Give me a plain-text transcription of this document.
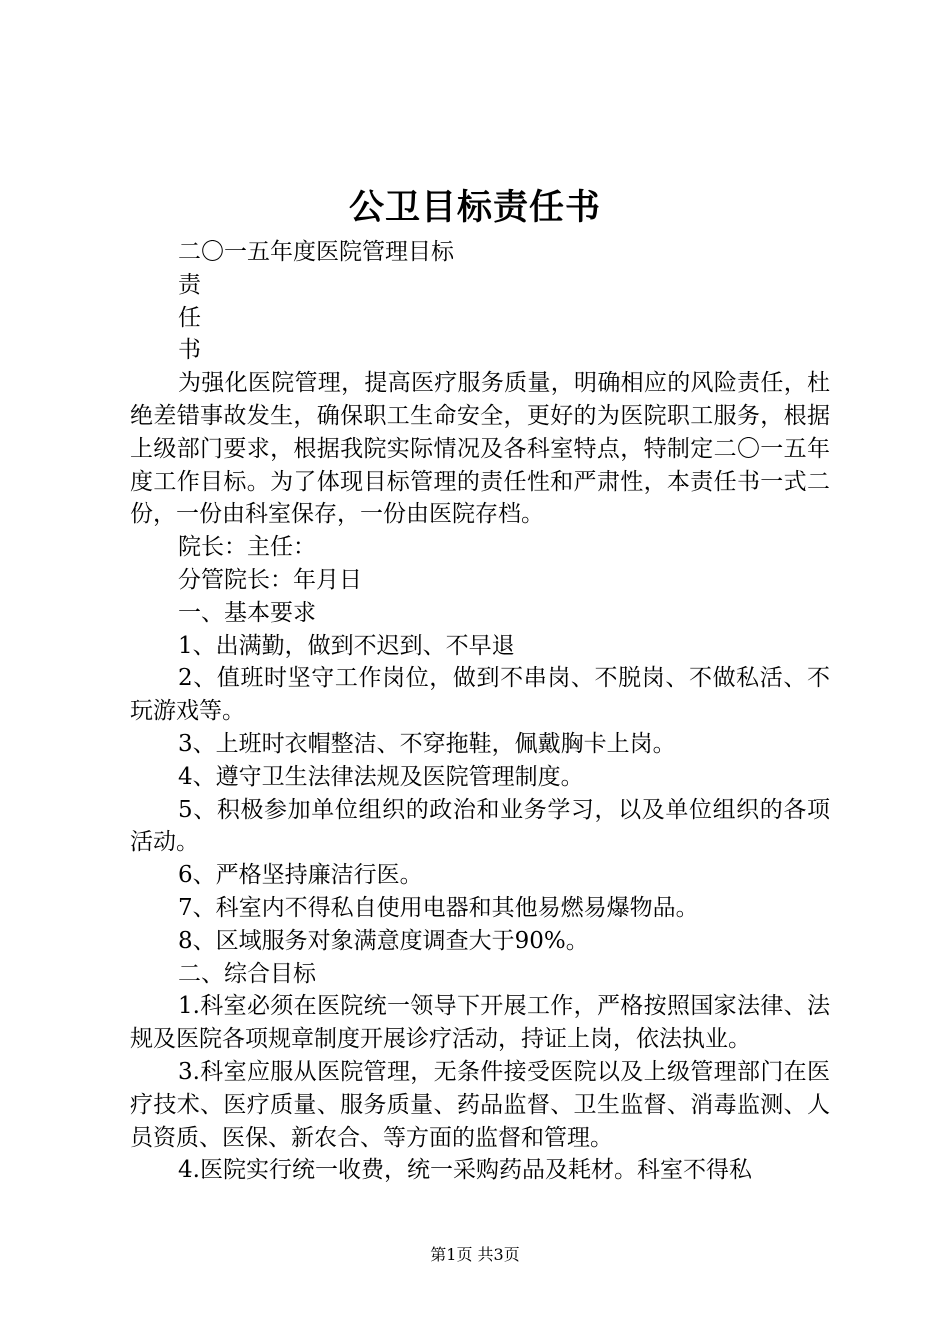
公卫目标责任书

二〇一五年度医院管理目标

责

任

书

为强化医院管理，提高医疗服务质量，明确相应的风险责任，杜绝差错事故发生，确保职工生命安全，更好的为医院职工服务，根据上级部门要求，根据我院实际情况及各科室特点，特制定二〇一五年度工作目标。为了体现目标管理的责任性和严肃性，本责任书一式二份，一份由科室保存，一份由医院存档。

院长：主任：

分管院长：年月日

一、基本要求

1、出满勤，做到不迟到、不早退

2、值班时坚守工作岗位，做到不串岗、不脱岗、不做私活、不玩游戏等。

3、上班时衣帽整洁、不穿拖鞋，佩戴胸卡上岗。

4、遵守卫生法律法规及医院管理制度。

5、积极参加单位组织的政治和业务学习，以及单位组织的各项活动。

6、严格坚持廉洁行医。

7、科室内不得私自使用电器和其他易燃易爆物品。

8、区域服务对象满意度调查大于90%。

二、综合目标

1.科室必须在医院统一领导下开展工作，严格按照国家法律、法规及医院各项规章制度开展诊疗活动，持证上岗，依法执业。

3.科室应服从医院管理，无条件接受医院以及上级管理部门在医疗技术、医疗质量、服务质量、药品监督、卫生监督、消毒监测、人员资质、医保、新农合、等方面的监督和管理。

4.医院实行统一收费，统一采购药品及耗材。科室不得私

第1页 共3页
